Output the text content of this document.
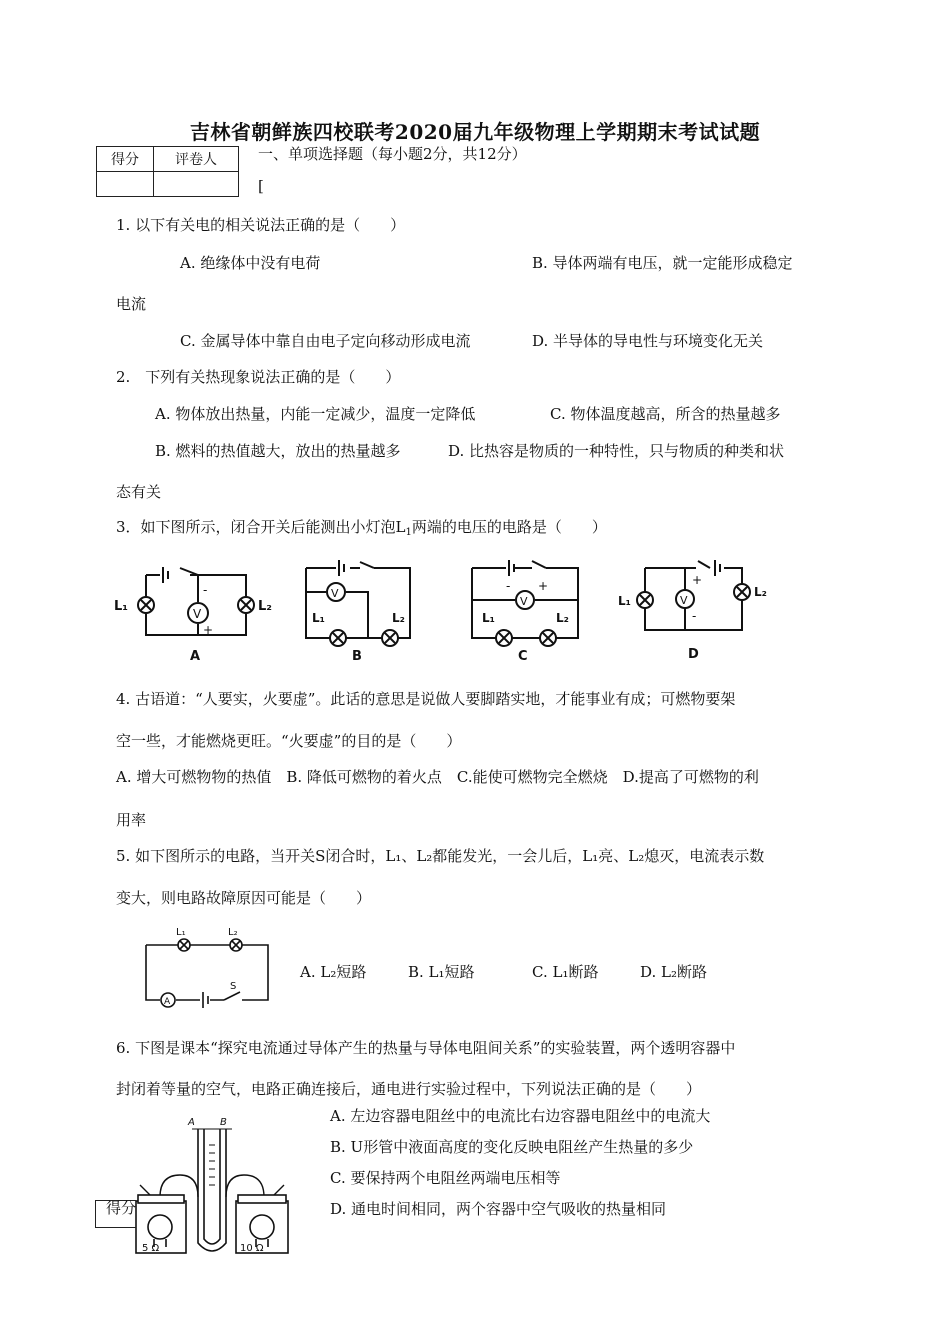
吉林省朝鲜族四校联考2020届九年级物理上学期期末考试试题
得分	评卷人
		一、单项选择题（每小题2分，共12分）
[
1. 以下有关电的相关说法正确的是（　　）
A. 绝缘体中没有电荷	B. 导体两端有电压，就一定能形成稳定
电流
C. 金属导体中靠自由电子定向移动形成电流	D. 半导体的导电性与环境变化无关
2.　下列有关热现象说法正确的是（　　）
A. 物体放出热量，内能一定减少，温度一定降低	C. 物体温度越高，所含的热量越多
B. 燃料的热值越大，放出的热量越多	D. 比热容是物质的一种特性，只与物质的种类和状
态有关
3．如下图所示，闭合开关后能测出小灯泡$L_1$两端的电压的电路是（　　）
V
L₁	L₂
-
+
A
V
L₁	L₂
B
V
L₁	L₂
- +
C
V
L₁
L₂
+
-
D
4. 古语道：“人要实，火要虚”。此话的意思是说做人要脚踏实地，才能事业有成；可燃物要架
空一些，才能燃烧更旺。“火要虚”的目的是（　　）
A. 增大可燃物物的热值　B. 降低可燃物的着火点　C.能使可燃物完全燃烧　D.提高了可燃物的利
用率
5. 如下图所示的电路，当开关S闭合时，L₁、L₂都能发光，一会儿后，L₁亮、L₂熄灭，电流表示数
变大，则电路故障原因可能是（　　）
A
L₁	L₂
S
A. L₂短路	B. L₁短路	C. L₁断路	D. L₂断路
6. 下图是课本“探究电流通过导体产生的热量与导体电阻间关系”的实验装置，两个透明容器中
封闭着等量的空气，电路正确连接后，通电进行实验过程中，下列说法正确的是（　　）
A. 左边容器电阻丝中的电流比右边容器电阻丝中的电流大
B. U形管中液面高度的变化反映电阻丝产生热量的多少
C. 要保持两个电阻丝两端电压相等
D. 通电时间相同，两个容器中空气吸收的热量相同
A	B
5 Ω	10 Ω
得分
